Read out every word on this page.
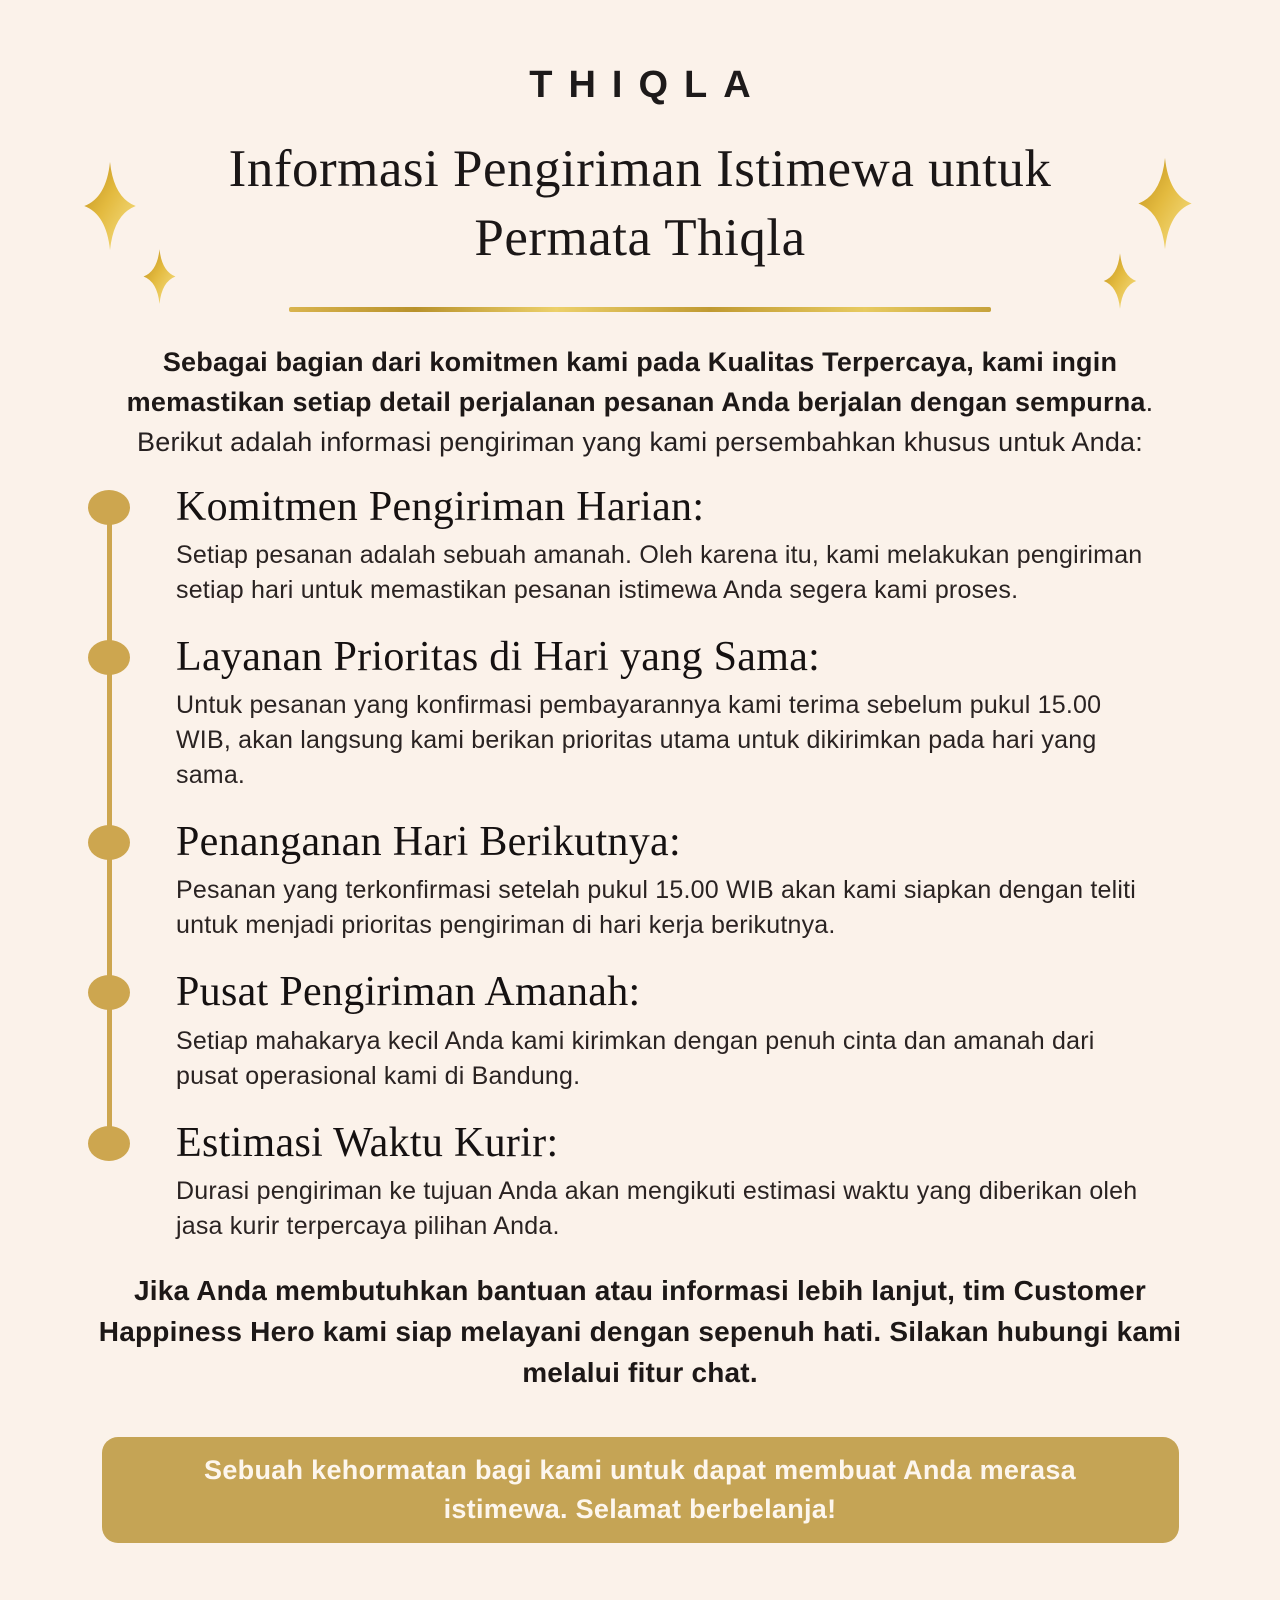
THIQLA
Informasi Pengiriman Istimewa untuk
Permata Thiqla

Sebagai bagian dari komitmen kami pada Kualitas Terpercaya, kami ingin memastikan setiap detail perjalanan pesanan Anda berjalan dengan sempurna. Berikut adalah informasi pengiriman yang kami persembahkan khusus untuk Anda:

Komitmen Pengiriman Harian:
Setiap pesanan adalah sebuah amanah. Oleh karena itu, kami melakukan pengiriman setiap hari untuk memastikan pesanan istimewa Anda segera kami proses.
Layanan Prioritas di Hari yang Sama:
Untuk pesanan yang konfirmasi pembayarannya kami terima sebelum pukul 15.00 WIB, akan langsung kami berikan prioritas utama untuk dikirimkan pada hari yang sama.
Penanganan Hari Berikutnya:
Pesanan yang terkonfirmasi setelah pukul 15.00 WIB akan kami siapkan dengan teliti untuk menjadi prioritas pengiriman di hari kerja berikutnya.
Pusat Pengiriman Amanah:
Setiap mahakarya kecil Anda kami kirimkan dengan penuh cinta dan amanah dari pusat operasional kami di Bandung.
Estimasi Waktu Kurir:
Durasi pengiriman ke tujuan Anda akan mengikuti estimasi waktu yang diberikan oleh jasa kurir terpercaya pilihan Anda.

Jika Anda membutuhkan bantuan atau informasi lebih lanjut, tim Customer Happiness Hero kami siap melayani dengan sepenuh hati. Silakan hubungi kami melalui fitur chat.

Sebuah kehormatan bagi kami untuk dapat membuat Anda merasa istimewa. Selamat berbelanja!
